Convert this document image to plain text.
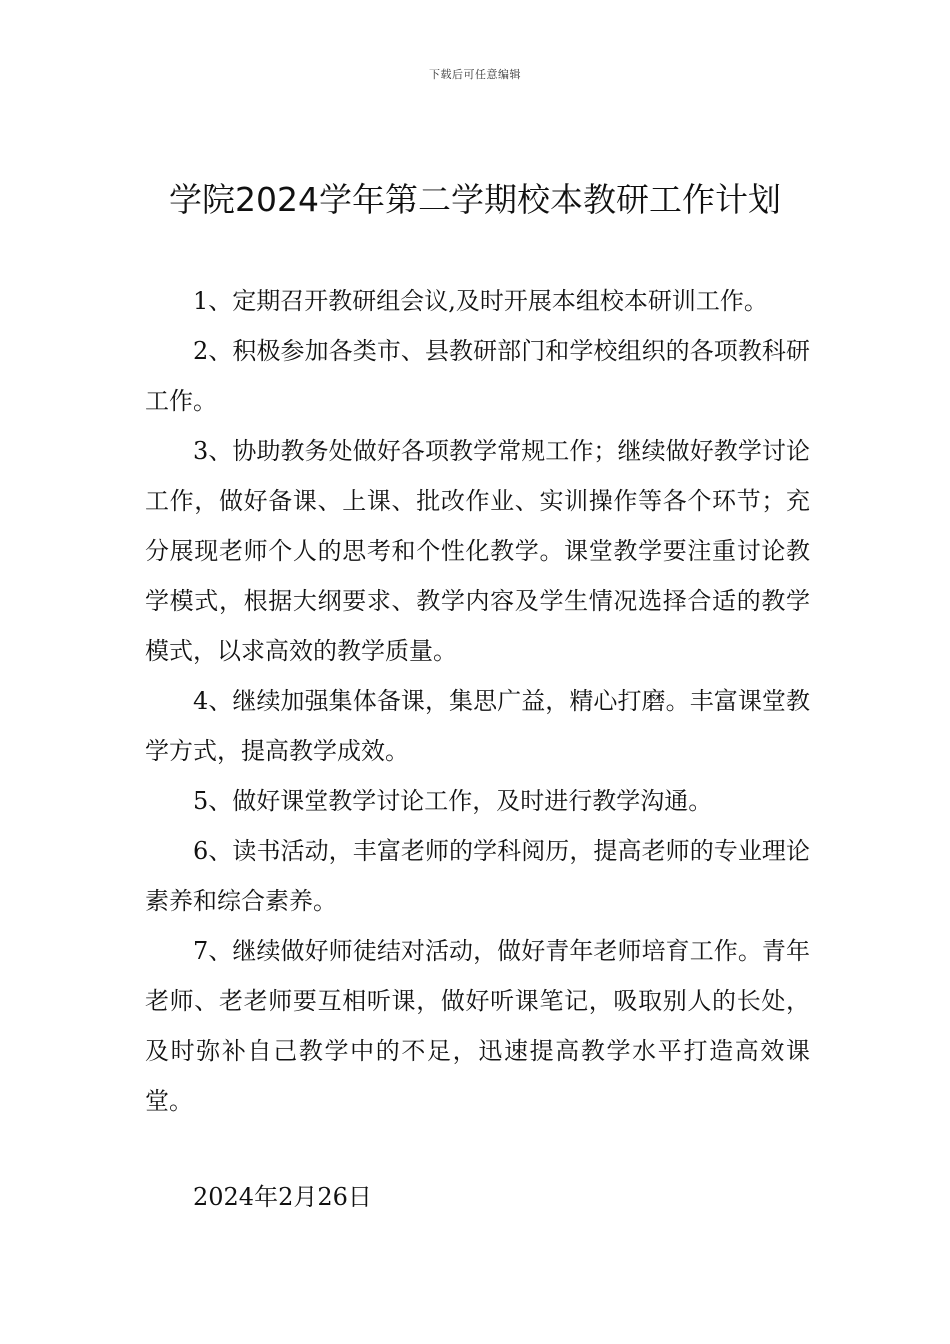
下载后可任意编辑
学院2024学年第二学期校本教研工作计划

1、定期召开教研组会议,及时开展本组校本研训工作。

2、积极参加各类市、县教研部门和学校组织的各项教科研工作。

3、协助教务处做好各项教学常规工作；继续做好教学讨论工作，做好备课、上课、批改作业、实训操作等各个环节；充分展现老师个人的思考和个性化教学。课堂教学要注重讨论教学模式，根据大纲要求、教学内容及学生情况选择合适的教学模式，以求高效的教学质量。

4、继续加强集体备课，集思广益，精心打磨。丰富课堂教学方式，提高教学成效。

5、做好课堂教学讨论工作，及时进行教学沟通。

6、读书活动，丰富老师的学科阅历，提高老师的专业理论素养和综合素养。

7、继续做好师徒结对活动，做好青年老师培育工作。青年老师、老老师要互相听课，做好听课笔记，吸取别人的长处，及时弥补自己教学中的不足，迅速提高教学水平打造高效课堂。

2024年2月26日
